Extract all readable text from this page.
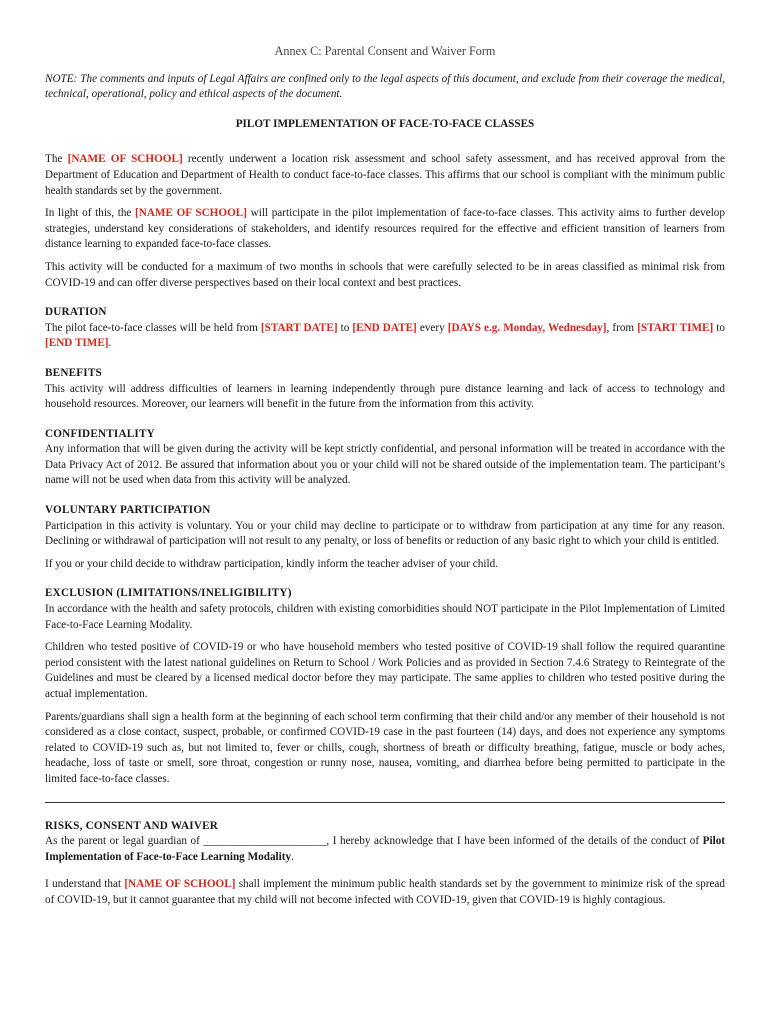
Annex C: Parental Consent and Waiver Form

NOTE: The comments and inputs of Legal Affairs are confined only to the legal aspects of this document, and exclude from their coverage the medical, technical, operational, policy and ethical aspects of the document.

PILOT IMPLEMENTATION OF FACE-TO-FACE CLASSES

The [NAME OF SCHOOL] recently underwent a location risk assessment and school safety assessment, and has received approval from the Department of Education and Department of Health to conduct face-to-face classes. This affirms that our school is compliant with the minimum public health standards set by the government.

In light of this, the [NAME OF SCHOOL] will participate in the pilot implementation of face-to-face classes. This activity aims to further develop strategies, understand key considerations of stakeholders, and identify resources required for the effective and efficient transition of learners from distance learning to expanded face-to-face classes.

This activity will be conducted for a maximum of two months in schools that were carefully selected to be in areas classified as minimal risk from COVID-19 and can offer diverse perspectives based on their local context and best practices.

DURATION

The pilot face-to-face classes will be held from [START DATE] to [END DATE] every [DAYS e.g. Monday, Wednesday], from [START TIME] to [END TIME].

BENEFITS

This activity will address difficulties of learners in learning independently through pure distance learning and lack of access to technology and household resources. Moreover, our learners will benefit in the future from the information from this activity.

CONFIDENTIALITY

Any information that will be given during the activity will be kept strictly confidential, and personal information will be treated in accordance with the Data Privacy Act of 2012. Be assured that information about you or your child will not be shared outside of the implementation team. The participant’s name will not be used when data from this activity will be analyzed.

VOLUNTARY PARTICIPATION

Participation in this activity is voluntary. You or your child may decline to participate or to withdraw from participation at any time for any reason. Declining or withdrawal of participation will not result to any penalty, or loss of benefits or reduction of any basic right to which your child is entitled.

If you or your child decide to withdraw participation, kindly inform the teacher adviser of your child.

EXCLUSION (LIMITATIONS/INELIGIBILITY)

In accordance with the health and safety protocols, children with existing comorbidities should NOT participate in the Pilot Implementation of Limited Face-to-Face Learning Modality.

Children who tested positive of COVID-19 or who have household members who tested positive of COVID-19 shall follow the required quarantine period consistent with the latest national guidelines on Return to School / Work Policies and as provided in Section 7.4.6 Strategy to Reintegrate of the Guidelines and must be cleared by a licensed medical doctor before they may participate. The same applies to children who tested positive during the actual implementation.

Parents/guardians shall sign a health form at the beginning of each school term confirming that their child and/or any member of their household is not considered as a close contact, suspect, probable, or confirmed COVID-19 case in the past fourteen (14) days, and does not experience any symptoms related to COVID-19 such as, but not limited to, fever or chills, cough, shortness of breath or difficulty breathing, fatigue, muscle or body aches, headache, loss of taste or smell, sore throat, congestion or runny nose, nausea, vomiting, and diarrhea before being permitted to participate in the limited face-to-face classes.

RISKS, CONSENT AND WAIVER

As the parent or legal guardian of ______________________, I hereby acknowledge that I have been informed of the details of the conduct of Pilot Implementation of Face-to-Face Learning Modality.

I understand that [NAME OF SCHOOL] shall implement the minimum public health standards set by the government to minimize risk of the spread of COVID-19, but it cannot guarantee that my child will not become infected with COVID-19, given that COVID-19 is highly contagious.
